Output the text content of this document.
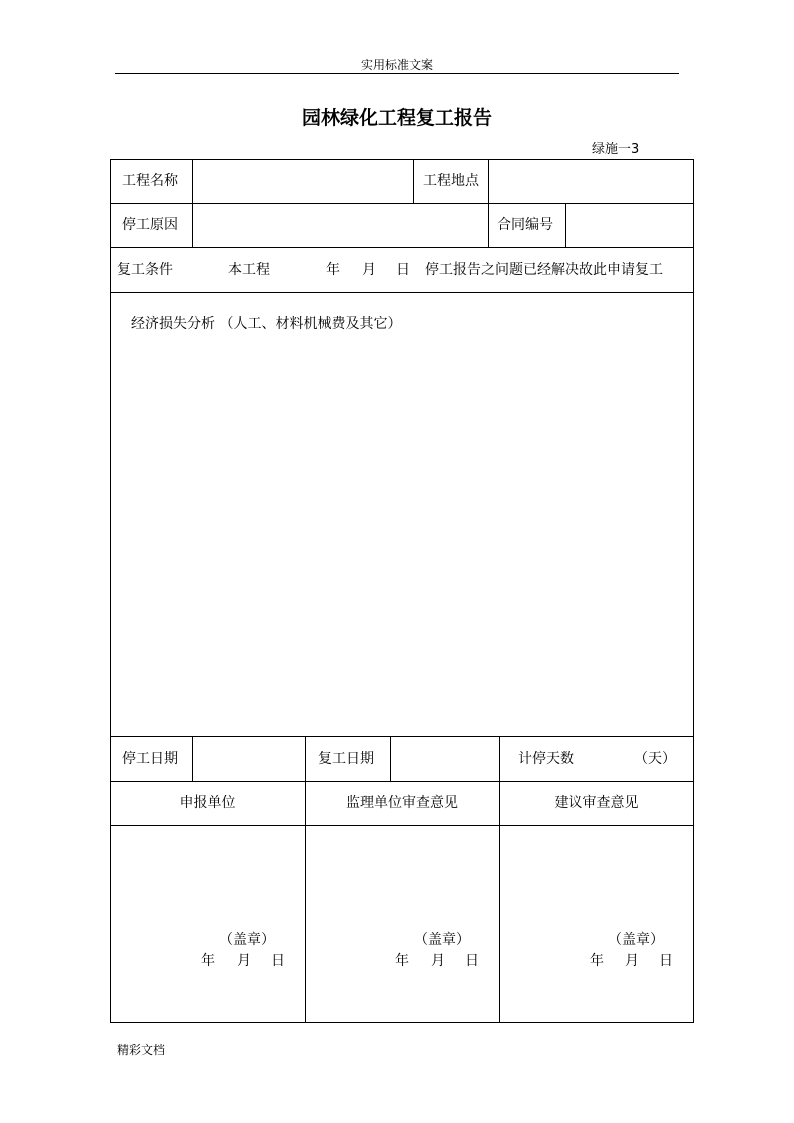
实用标准文案
园林绿化工程复工报告
绿施一3
工程名称	工程地点
停工原因	合同编号
复工条件	本工程	年 月 日 停工报告之问题已经解决故此申请复工
经济损失分析 （人工、材料机械费及其它）
停工日期	复工日期	计停天数	（天）
申报单位	监理单位审查意见	建议审查意见
（盖章）
年 月 日
（盖章）
年 月 日
（盖章）
年 月 日
精彩文档
